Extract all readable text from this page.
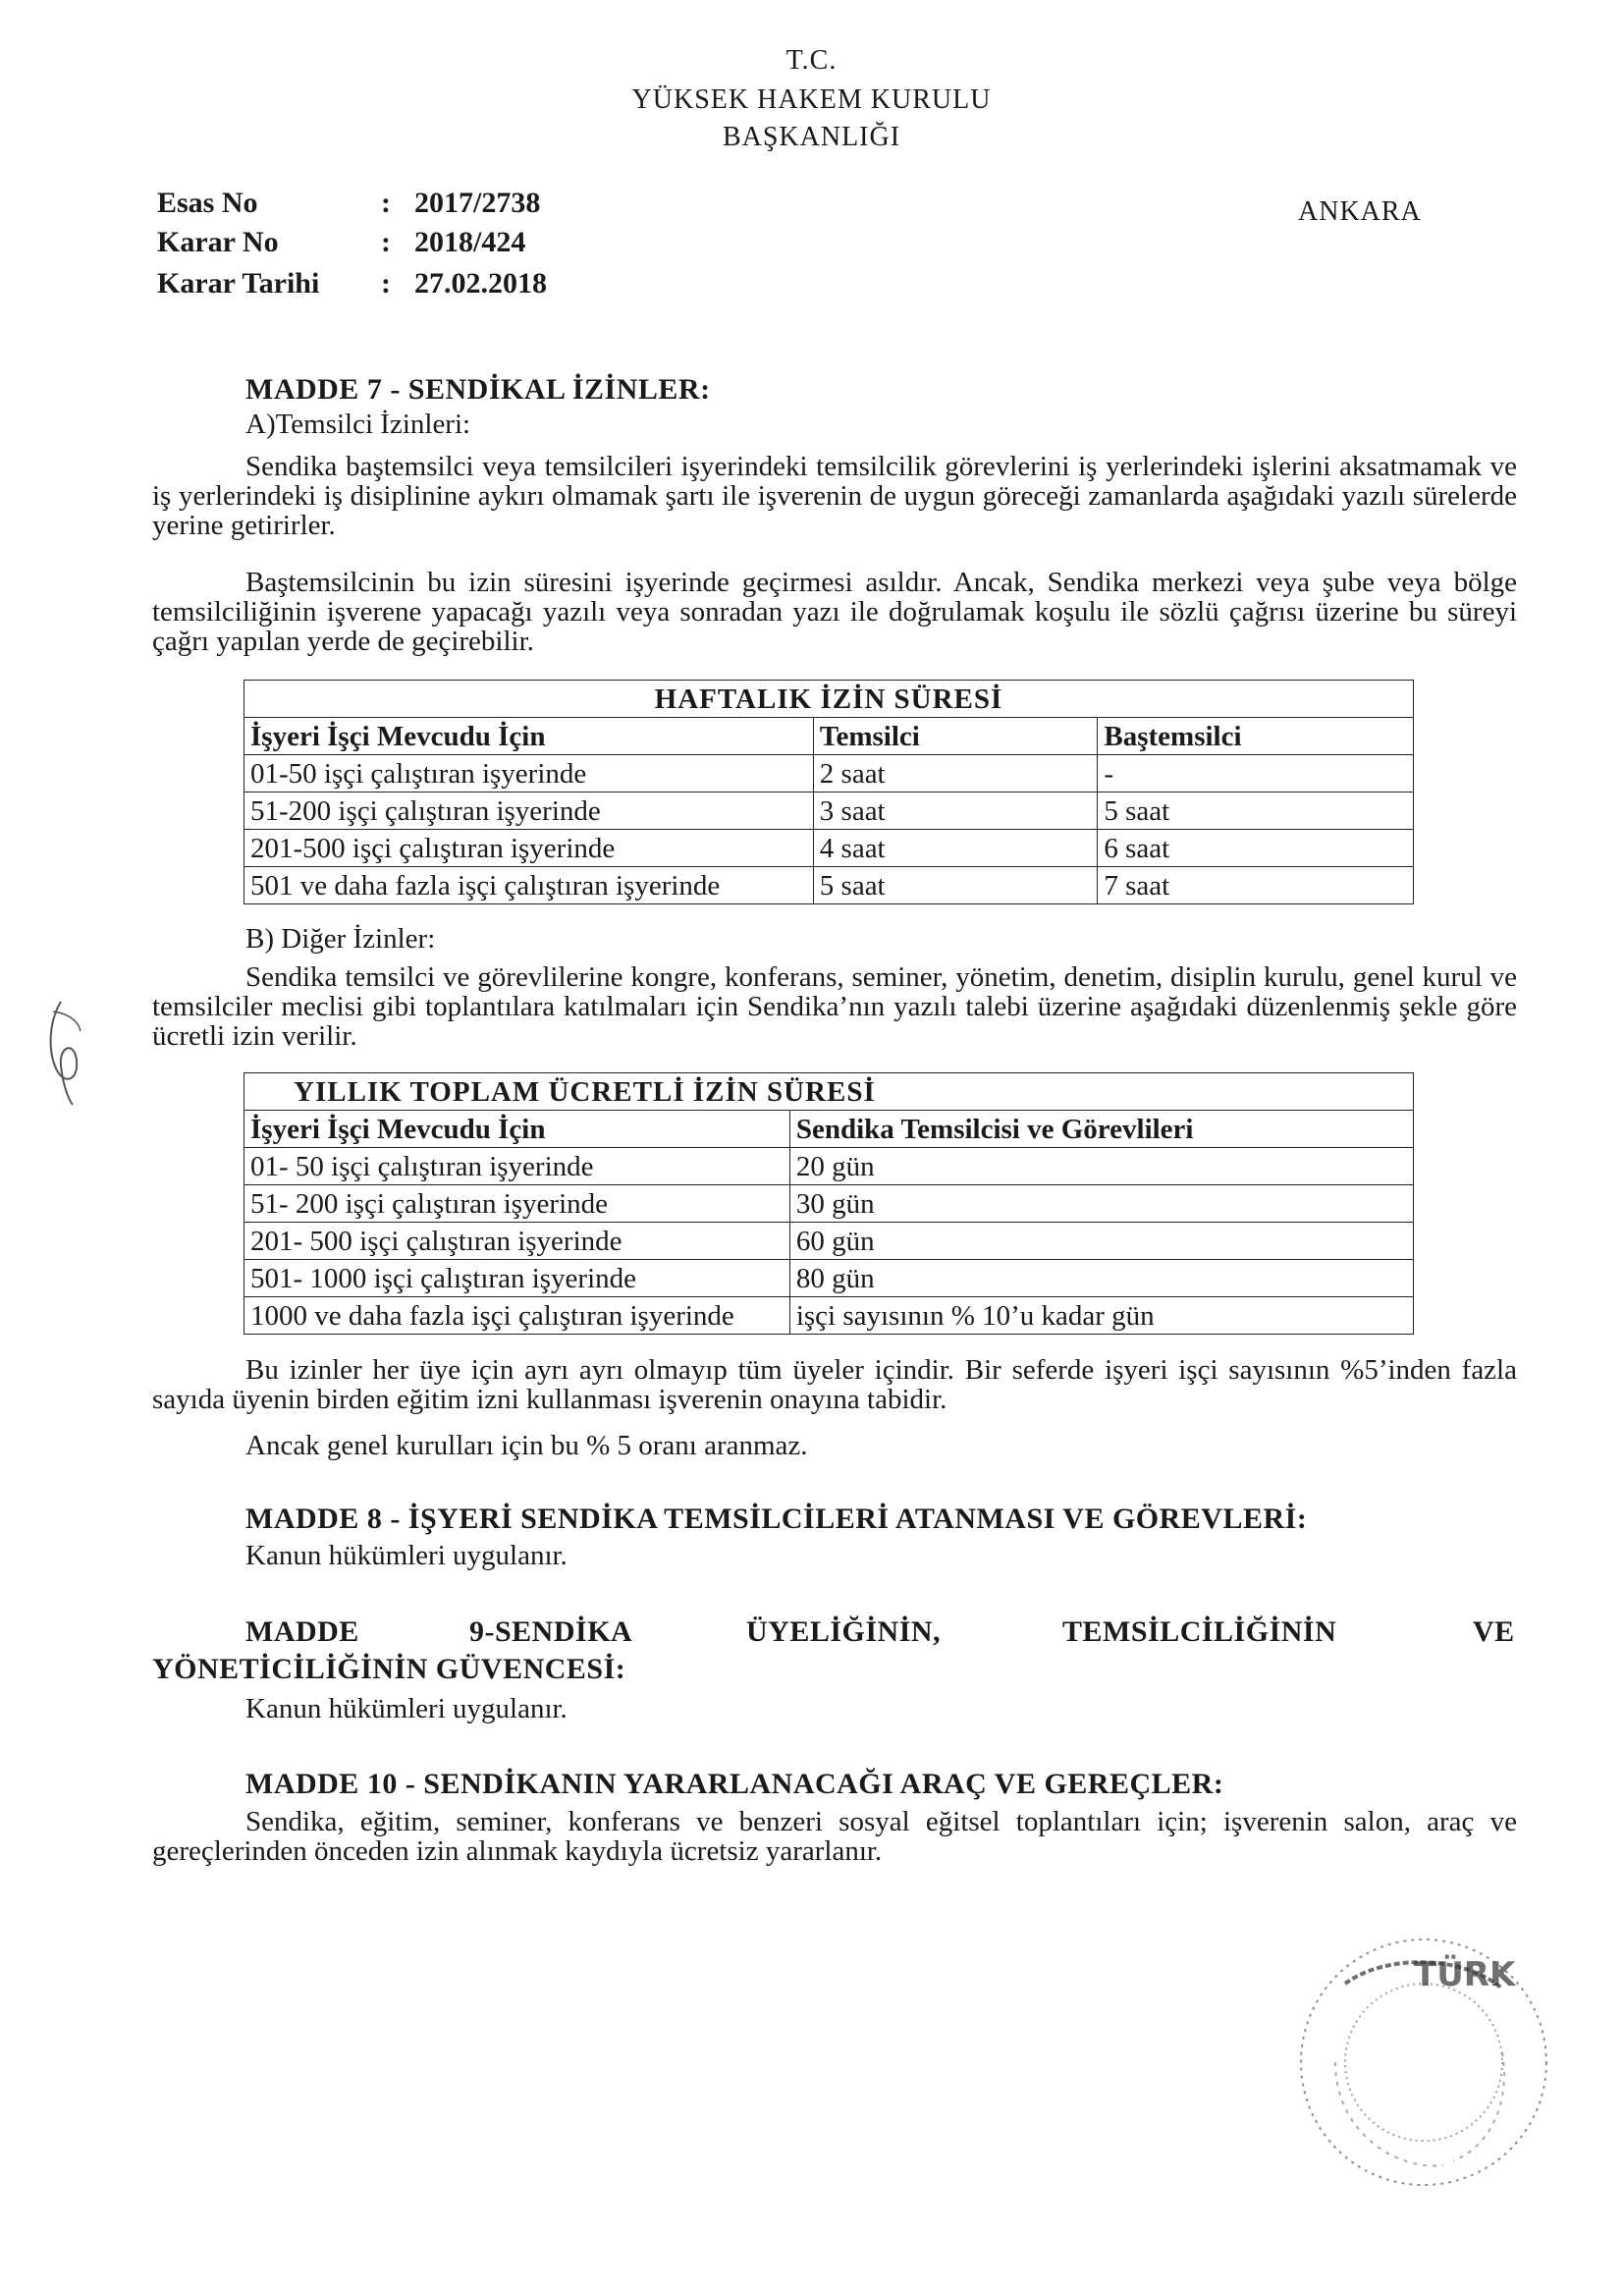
T.C.
YÜKSEK HAKEM KURULU
BAŞKANLIĞI
Esas No	: 2017/2738
Karar No	: 2018/424
Karar Tarihi	: 27.02.2018
ANKARA
MADDE 7 - SENDİKAL İZİNLER:
A)Temsilci İzinleri:
Sendika baştemsilci veya temsilcileri işyerindeki temsilcilik görevlerini iş yerlerindeki işlerini aksatmamak ve iş yerlerindeki iş disiplinine aykırı olmamak şartı ile işverenin de uygun göreceği zamanlarda aşağıdaki yazılı sürelerde yerine getirirler.
Baştemsilcinin bu izin süresini işyerinde geçirmesi asıldır. Ancak, Sendika merkezi veya şube veya bölge temsilciliğinin işverene yapacağı yazılı veya sonradan yazı ile doğrulamak koşulu ile sözlü çağrısı üzerine bu süreyi çağrı yapılan yerde de geçirebilir.
HAFTALIK İZİN SÜRESİ		
İşyeri İşçi Mevcudu İçin	Temsilci	Baştemsilci
01-50 işçi çalıştıran işyerinde	2 saat	-
51-200 işçi çalıştıran işyerinde	3 saat	5 saat
201-500 işçi çalıştıran işyerinde	4 saat	6 saat
501 ve daha fazla işçi çalıştıran işyerinde	5 saat	7 saat
B) Diğer İzinler:
Sendika temsilci ve görevlilerine kongre, konferans, seminer, yönetim, denetim, disiplin kurulu, genel kurul ve temsilciler meclisi gibi toplantılara katılmaları için Sendika’nın yazılı talebi üzerine aşağıdaki düzenlenmiş şekle göre ücretli izin verilir.
YILLIK TOPLAM ÜCRETLİ İZİN SÜRESİ	
İşyeri İşçi Mevcudu İçin	Sendika Temsilcisi ve Görevlileri
01- 50 işçi çalıştıran işyerinde	20 gün
51- 200 işçi çalıştıran işyerinde	30 gün
201- 500 işçi çalıştıran işyerinde	60 gün
501- 1000 işçi çalıştıran işyerinde	80 gün
1000 ve daha fazla işçi çalıştıran işyerinde	işçi sayısının % 10’u kadar gün
Bu izinler her üye için ayrı ayrı olmayıp tüm üyeler içindir. Bir seferde işyeri işçi sayısının %5’inden fazla sayıda üyenin birden eğitim izni kullanması işverenin onayına tabidir.
Ancak genel kurulları için bu % 5 oranı aranmaz.
MADDE 8 - İŞYERİ SENDİKA TEMSİLCİLERİ ATANMASI VE GÖREVLERİ:
Kanun hükümleri uygulanır.
MADDE	9-SENDİKA	ÜYELİĞİNİN,	TEMSİLCİLİĞİNİN	VE
YÖNETİCİLİĞİNİN GÜVENCESİ:
Kanun hükümleri uygulanır.
MADDE 10 - SENDİKANIN YARARLANACAĞI ARAÇ VE GEREÇLER:
Sendika, eğitim, seminer, konferans ve benzeri sosyal eğitsel toplantıları için; işverenin salon, araç ve gereçlerinden önceden izin alınmak kaydıyla ücretsiz yararlanır.
TÜRK
